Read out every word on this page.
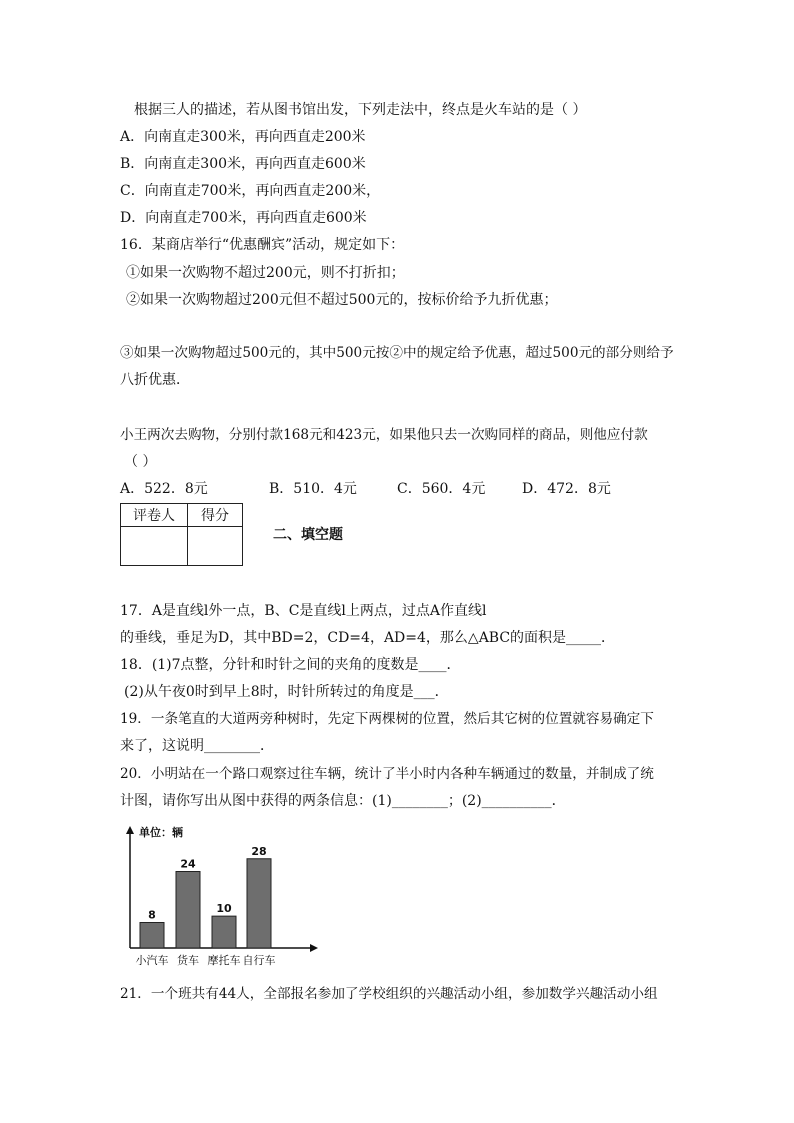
根据三人的描述，若从图书馆出发，下列走法中，终点是火车站的是（ ）
A．向南直走300米，再向西直走200米
B．向南直走300米，再向西直走600米
C．向南直走700米，再向西直走200米，
D．向南直走700米，再向西直走600米
16．某商店举行“优惠酬宾”活动，规定如下：
①如果一次购物不超过200元，则不打折扣；
②如果一次购物超过200元但不超过500元的，按标价给予九折优惠；
③如果一次购物超过500元的，其中500元按②中的规定给予优惠，超过500元的部分则给予
八折优惠．
小王两次去购物，分别付款168元和423元，如果他只去一次购同样的商品，则他应付款
（ ）
A．522．8元	B．510．4元	C．560．4元	D．472．8元
评卷人	得分

二、填空题
17．A是直线l外一点，B、C是直线l上两点，过点A作直线l
的垂线，垂足为D，其中BD=2，CD=4，AD=4，那么△ABC的面积是_____．
18．(1)7点整，分针和时针之间的夹角的度数是____．
(2)从午夜0时到早上8时，时针所转过的角度是___．
19．一条笔直的大道两旁种树时，先定下两棵树的位置，然后其它树的位置就容易确定下
来了，这说明________．
20．小明站在一个路口观察过往车辆，统计了半小时内各种车辆通过的数量，并制成了统
计图，请你写出从图中获得的两条信息：(1)________；(2)__________．
单位：辆
8
小汽车
24
货车
10
摩托车
28
自行车
21．一个班共有44人，全部报名参加了学校组织的兴趣活动小组，参加数学兴趣活动小组
